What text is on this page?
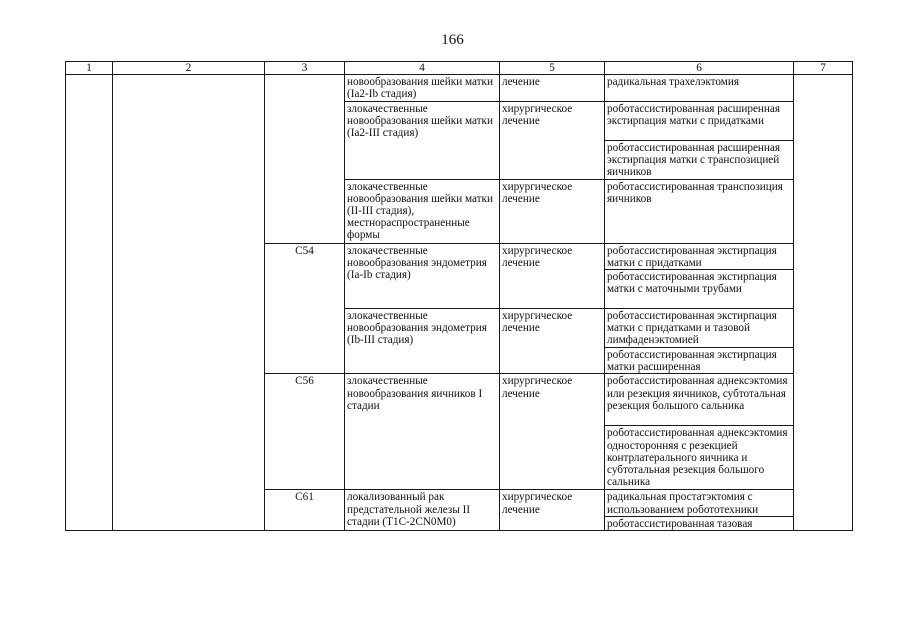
166
1	2	3	4	5	6	7
			новообразования шейки матки (Ia2-Ib стадия)	лечение	радикальная трахелэктомия	
			злокачественные новообразования шейки матки (Ia2-III стадия)	хирургическое лечение	роботассистированная расширенная экстирпация матки с придатками	
					роботассистированная расширенная экстирпация матки с транспозицией яичников	
			злокачественные новообразования шейки матки (II-III стадия), местнораспространенные формы	хирургическое лечение	роботассистированная транспозиция яичников	
		C54	злокачественные новообразования эндометрия (Ia-Ib стадия)	хирургическое лечение	роботассистированная экстирпация матки с придатками	
					роботассистированная экстирпация матки с маточными трубами	
			злокачественные новообразования эндометрия (Ib-III стадия)	хирургическое лечение	роботассистированная экстирпация матки с придатками и тазовой лимфаденэктомией	
					роботассистированная экстирпация матки расширенная	
		C56	злокачественные новообразования яичников I стадии	хирургическое лечение	роботассистированная аднексэктомия или резекция яичников, субтотальная резекция большого сальника	
					роботассистированная аднексэктомия односторонняя с резекцией контрлатерального яичника и субтотальная резекция большого сальника	
		C61	локализованный рак предстательной железы II стадии (T1C-2CN0M0)	хирургическое лечение	радикальная простатэктомия с использованием робототехники	
					роботассистированная тазовая	
